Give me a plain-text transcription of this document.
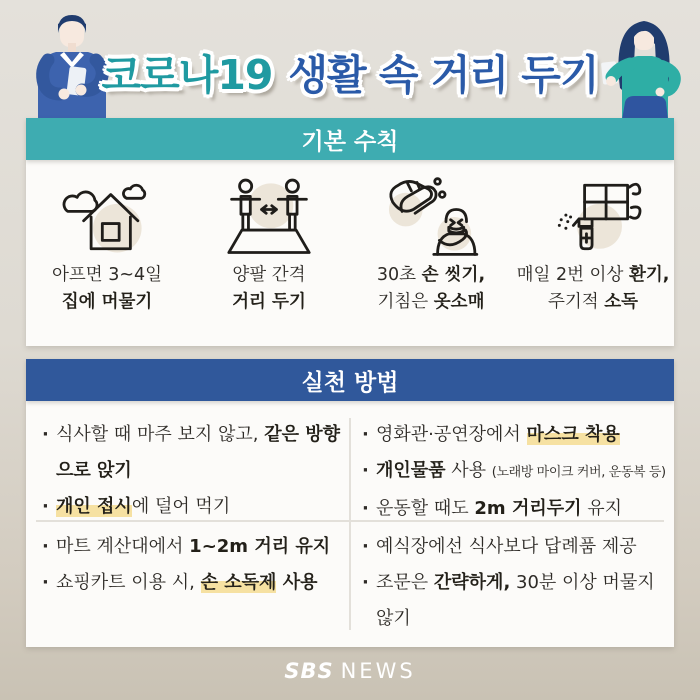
코로나19 생활 속 거리 두기
기본 수칙
아프면 3~4일
집에 머물기
양팔 간격
거리 두기
30초 손 씻기,
기침은 옷소매
매일 2번 이상 환기,
주기적 소독
실천 방법
· 식사할 때 마주 보지 않고, 같은 방향
으로 앉기
· 개인 접시에 덜어 먹기
· 영화관·공연장에서 마스크 착용
· 개인물품 사용 (노래방 마이크 커버, 운동복 등)
· 운동할 때도 2m 거리두기 유지
· 마트 계산대에서 1~2m 거리 유지
· 쇼핑카트 이용 시, 손 소독제 사용
· 예식장에선 식사보다 답례품 제공
· 조문은 간략하게, 30분 이상 머물지
않기
SBS NEWS
